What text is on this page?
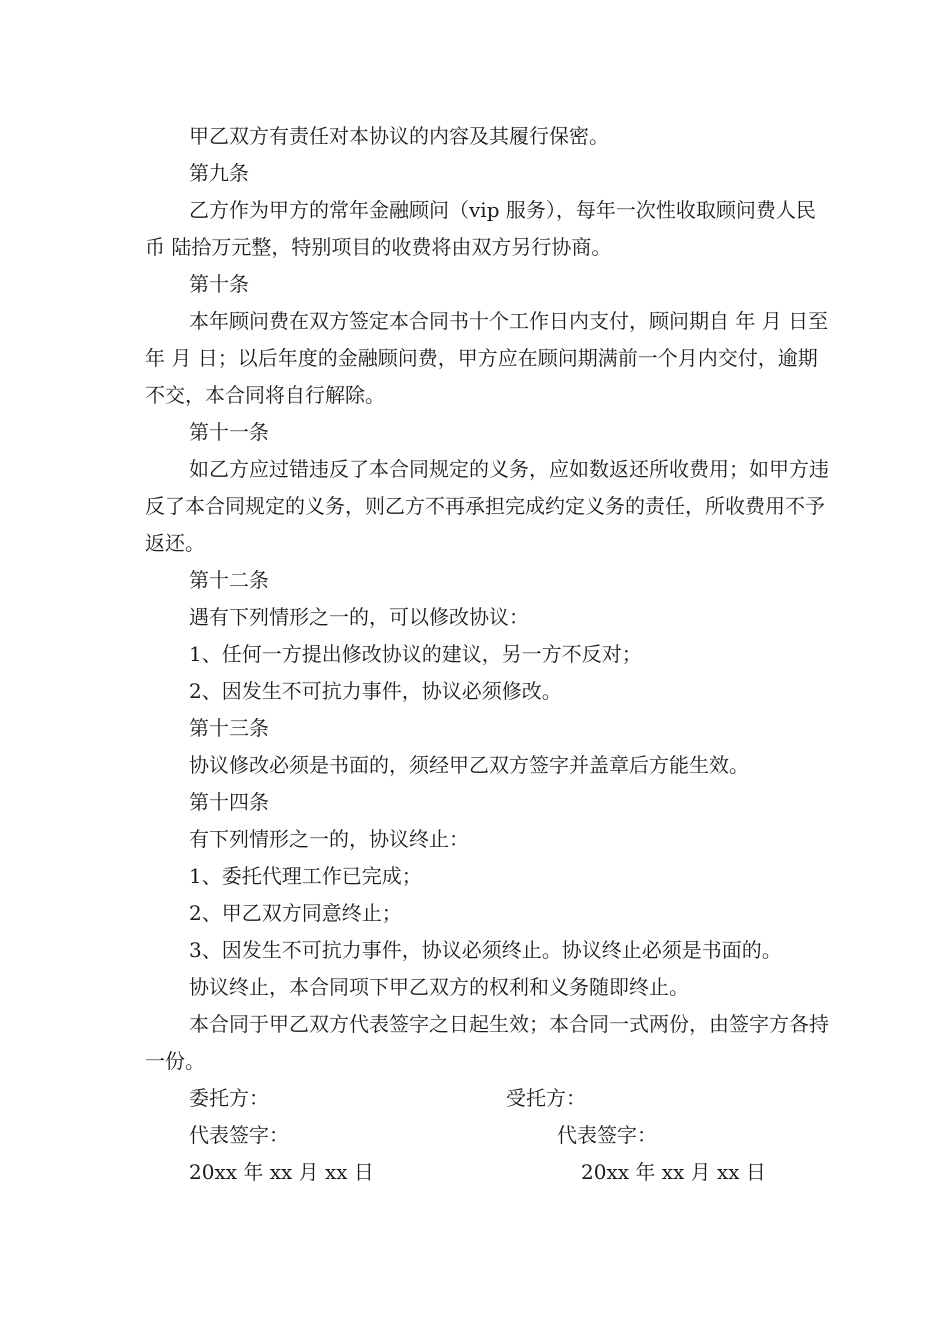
甲乙双方有责任对本协议的内容及其履行保密。

第九条

乙方作为甲方的常年金融顾问（vip 服务），每年一次性收取顾问费人民币 陆拾万元整，特别项目的收费将由双方另行协商。

第十条

本年顾问费在双方签定本合同书十个工作日内支付，顾问期自 年 月 日至 年 月 日；以后年度的金融顾问费，甲方应在顾问期满前一个月内交付，逾期不交，本合同将自行解除。

第十一条

如乙方应过错违反了本合同规定的义务，应如数返还所收费用；如甲方违反了本合同规定的义务，则乙方不再承担完成约定义务的责任，所收费用不予返还。

第十二条

遇有下列情形之一的，可以修改协议：

1、任何一方提出修改协议的建议，另一方不反对；

2、因发生不可抗力事件，协议必须修改。

第十三条

协议修改必须是书面的，须经甲乙双方签字并盖章后方能生效。

第十四条

有下列情形之一的，协议终止：

1、委托代理工作已完成；

2、甲乙双方同意终止；

3、因发生不可抗力事件，协议必须终止。协议终止必须是书面的。

协议终止，本合同项下甲乙双方的权利和义务随即终止。

本合同于甲乙双方代表签字之日起生效；本合同一式两份，由签字方各持一份。

委托方：	受托方：
代表签字：	代表签字：
20xx 年 xx 月 xx 日	20xx 年 xx 月 xx 日
